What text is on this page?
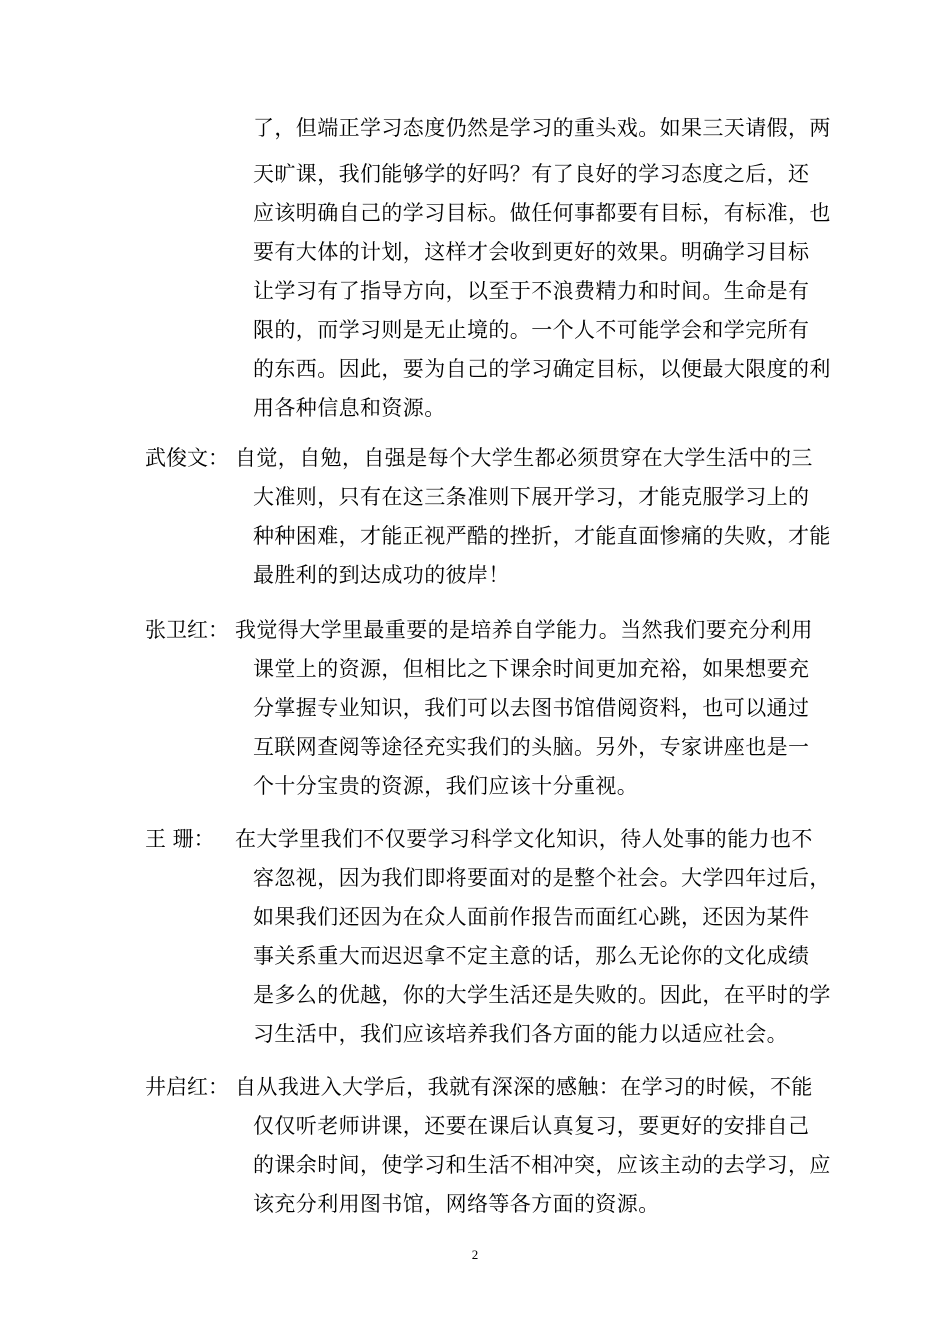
了，但端正学习态度仍然是学习的重头戏。如果三天请假，两
天旷课，我们能够学的好吗？有了良好的学习态度之后，还
应该明确自己的学习目标。做任何事都要有目标，有标准，也
要有大体的计划，这样才会收到更好的效果。明确学习目标
让学习有了指导方向，以至于不浪费精力和时间。生命是有
限的，而学习则是无止境的。一个人不可能学会和学完所有
的东西。因此，要为自己的学习确定目标，以便最大限度的利
用各种信息和资源。
武俊文： 自觉，自勉，自强是每个大学生都必须贯穿在大学生活中的三
大准则，只有在这三条准则下展开学习，才能克服学习上的
种种困难，才能正视严酷的挫折，才能直面惨痛的失败，才能
最胜利的到达成功的彼岸！
张卫红： 我觉得大学里最重要的是培养自学能力。当然我们要充分利用
课堂上的资源，但相比之下课余时间更加充裕，如果想要充
分掌握专业知识，我们可以去图书馆借阅资料，也可以通过
互联网查阅等途径充实我们的头脑。另外，专家讲座也是一
个十分宝贵的资源，我们应该十分重视。
王 珊： 在大学里我们不仅要学习科学文化知识，待人处事的能力也不
容忽视，因为我们即将要面对的是整个社会。大学四年过后，
如果我们还因为在众人面前作报告而面红心跳，还因为某件
事关系重大而迟迟拿不定主意的话，那么无论你的文化成绩
是多么的优越，你的大学生活还是失败的。因此，在平时的学
习生活中，我们应该培养我们各方面的能力以适应社会。
井启红： 自从我进入大学后，我就有深深的感触：在学习的时候，不能
仅仅听老师讲课，还要在课后认真复习，要更好的安排自己
的课余时间，使学习和生活不相冲突，应该主动的去学习，应
该充分利用图书馆，网络等各方面的资源。
2
